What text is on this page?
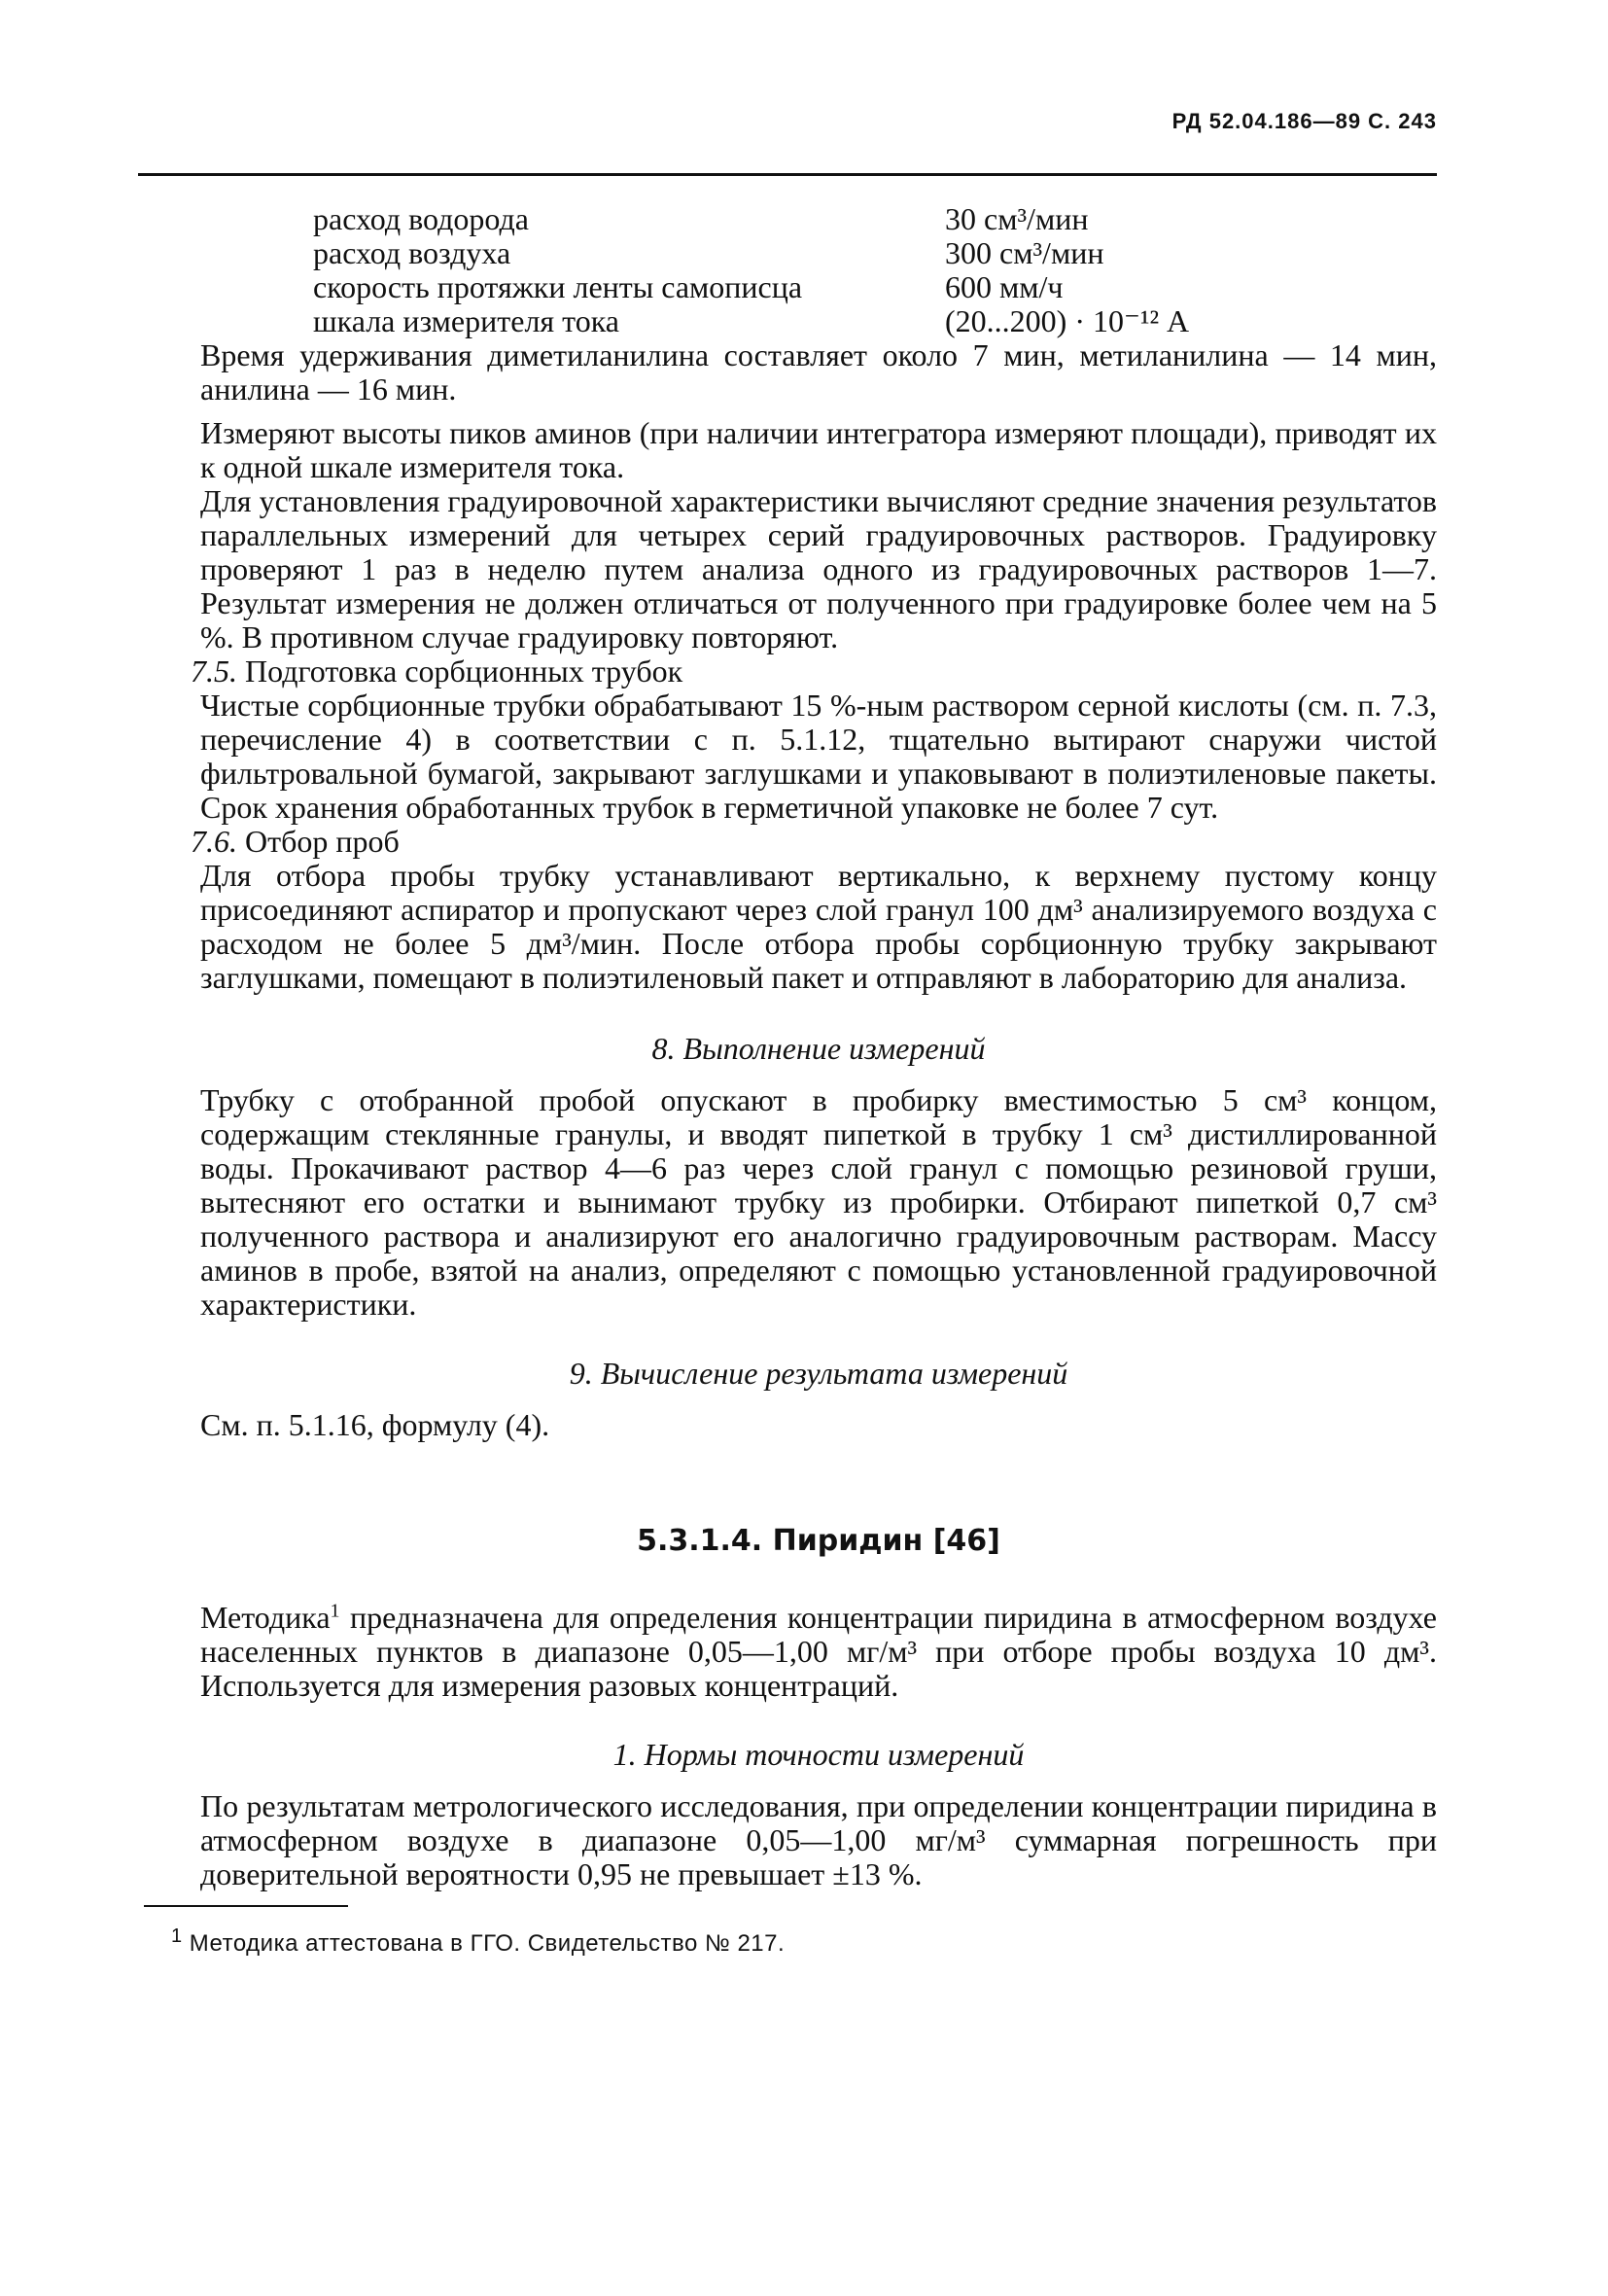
РД 52.04.186—89 С. 243
расход водорода	30 см³/мин
расход воздуха	300 см³/мин
скорость протяжки ленты самописца	600 мм/ч
шкала измерителя тока	(20...200) · 10⁻¹² А

Время удерживания диметиланилина составляет около 7 мин, метиланилина — 14 мин, анилина — 16 мин.

Измеряют высоты пиков аминов (при наличии интегратора измеряют площади), приводят их к одной шкале измерителя тока.

Для установления градуировочной характеристики вычисляют средние значения результатов параллельных измерений для четырех серий градуировочных растворов. Градуировку проверяют 1 раз в неделю путем анализа одного из градуировочных растворов 1—7. Результат измерения не должен отличаться от полученного при градуировке более чем на 5 %. В противном случае градуировку повторяют.

7.5. Подготовка сорбционных трубок

Чистые сорбционные трубки обрабатывают 15 %-ным раствором серной кислоты (см. п. 7.3, перечисление 4) в соответствии с п. 5.1.12, тщательно вытирают снаружи чистой фильтровальной бумагой, закрывают заглушками и упаковывают в полиэтиленовые пакеты. Срок хранения обработанных трубок в герметичной упаковке не более 7 сут.

7.6. Отбор проб

Для отбора пробы трубку устанавливают вертикально, к верхнему пустому концу присоединяют аспиратор и пропускают через слой гранул 100 дм³ анализируемого воздуха с расходом не более 5 дм³/мин. После отбора пробы сорбционную трубку закрывают заглушками, помещают в полиэтиленовый пакет и отправляют в лабораторию для анализа.

8. Выполнение измерений

Трубку с отобранной пробой опускают в пробирку вместимостью 5 см³ концом, содержащим стеклянные гранулы, и вводят пипеткой в трубку 1 см³ дистиллированной воды. Прокачивают раствор 4—6 раз через слой гранул с помощью резиновой груши, вытесняют его остатки и вынимают трубку из пробирки. Отбирают пипеткой 0,7 см³ полученного раствора и анализируют его аналогично градуировочным растворам. Массу аминов в пробе, взятой на анализ, определяют с помощью установленной градуировочной характеристики.

9. Вычисление результата измерений

См. п. 5.1.16, формулу (4).

5.3.1.4. Пиридин [46]

Методика$^1$ предназначена для определения концентрации пиридина в атмосферном воздухе населенных пунктов в диапазоне 0,05—1,00 мг/м³ при отборе пробы воздуха 10 дм³. Используется для измерения разовых концентраций.

1. Нормы точности измерений

По результатам метрологического исследования, при определении концентрации пиридина в атмосферном воздухе в диапазоне 0,05—1,00 мг/м³ суммарная погрешность при доверительной вероятности 0,95 не превышает ±13 %.

$^1$ Методика аттестована в ГГО. Свидетельство № 217.
